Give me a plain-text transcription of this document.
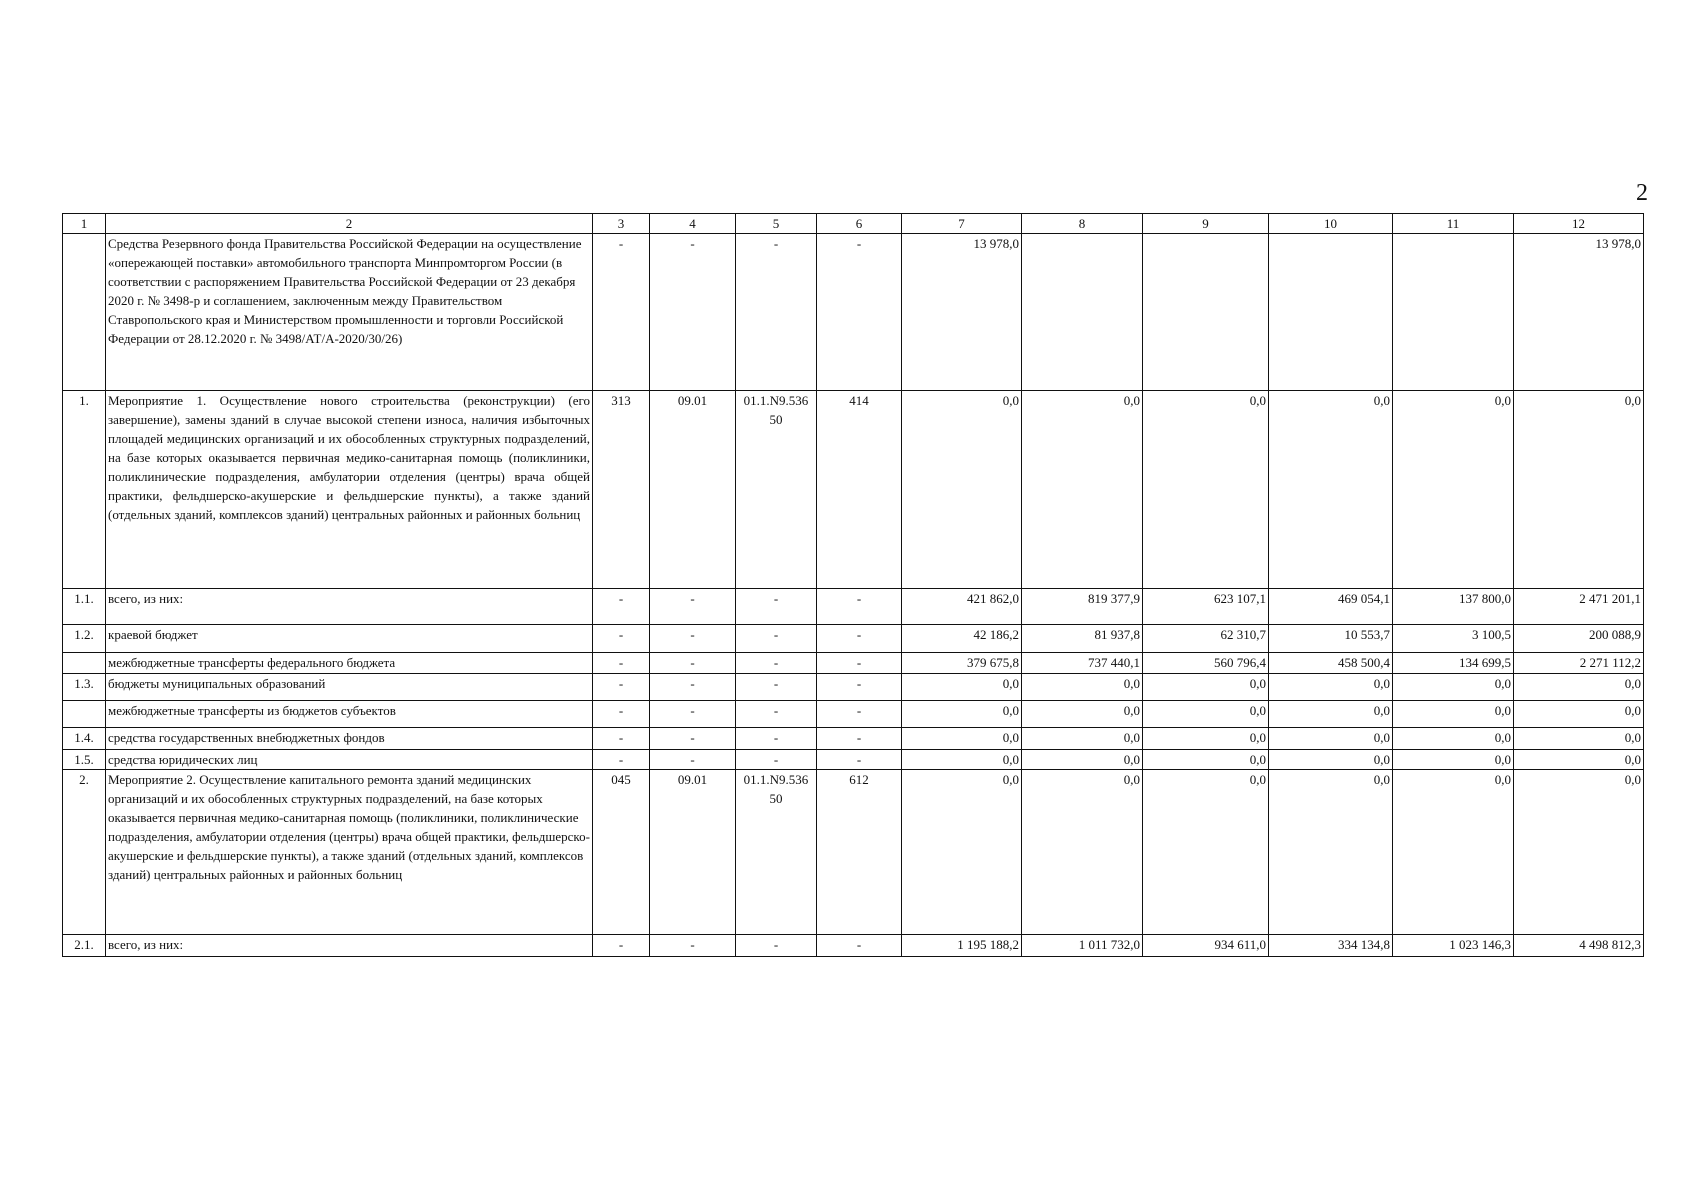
2
1	2	3	4	5	6	7	8	9	10	11	12
	Средства Резервного фонда Правительства Российской Федерации на осуществление «опережающей поставки» автомобильного транспорта Минпромторгом России (в соответствии с распоряжением Правительства Российской Федерации от 23 декабря 2020 г. № 3498-р и соглашением, заключенным между Правительством Ставропольского края и Министерством промышленности и торговли Российской Федерации от 28.12.2020 г. № 3498/АТ/А-2020/30/26)	-	-	-	-	13 978,0					13 978,0
1.	Мероприятие 1. Осуществление нового строительства (реконструкции) (его завершение), замены зданий в случае высокой степени износа, наличия избыточных площадей медицинских организаций и их обособленных структурных подразделений, на базе которых оказывается первичная медико-санитарная помощь (поликлиники, поликлинические подразделения, амбулатории отделения (центры) врача общей практики, фельдшерско-акушерские и фельдшерские пункты), а также зданий (отдельных зданий, комплексов зданий) центральных районных и районных больниц	313	09.01	01.1.N9.536 50	414	0,0	0,0	0,0	0,0	0,0	0,0
1.1.	всего, из них:	-	-	-	-	421 862,0	819 377,9	623 107,1	469 054,1	137 800,0	2 471 201,1
1.2.	краевой бюджет	-	-	-	-	42 186,2	81 937,8	62 310,7	10 553,7	3 100,5	200 088,9
	межбюджетные трансферты федерального бюджета	-	-	-	-	379 675,8	737 440,1	560 796,4	458 500,4	134 699,5	2 271 112,2
1.3.	бюджеты муниципальных образований	-	-	-	-	0,0	0,0	0,0	0,0	0,0	0,0
	межбюджетные трансферты из бюджетов субъектов	-	-	-	-	0,0	0,0	0,0	0,0	0,0	0,0
1.4.	средства государственных внебюджетных фондов	-	-	-	-	0,0	0,0	0,0	0,0	0,0	0,0
1.5.	средства юридических лиц	-	-	-	-	0,0	0,0	0,0	0,0	0,0	0,0
2.	Мероприятие 2. Осуществление капитального ремонта зданий медицинских организаций и их обособленных структурных подразделений, на базе которых оказывается первичная медико-санитарная помощь (поликлиники, поликлинические подразделения, амбулатории отделения (центры) врача общей практики, фельдшерско-акушерские и фельдшерские пункты), а также зданий (отдельных зданий, комплексов зданий) центральных районных и районных больниц	045	09.01	01.1.N9.536 50	612	0,0	0,0	0,0	0,0	0,0	0,0
2.1.	всего, из них:	-	-	-	-	1 195 188,2	1 011 732,0	934 611,0	334 134,8	1 023 146,3	4 498 812,3
